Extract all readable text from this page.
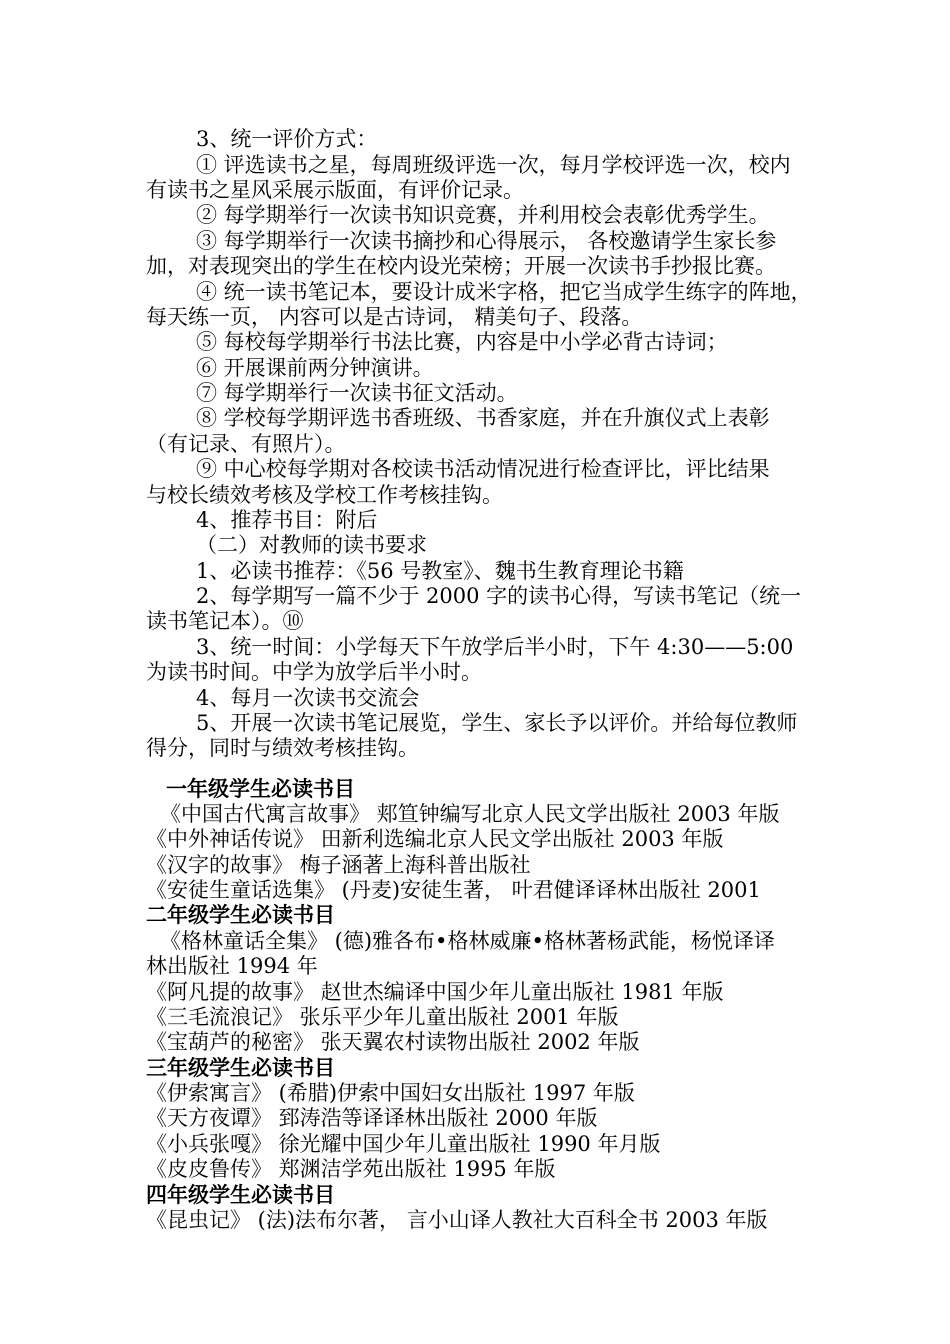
3、统一评价方式：
① 评选读书之星，每周班级评选一次，每月学校评选一次，校内
有读书之星风采展示版面，有评价记录。
② 每学期举行一次读书知识竞赛，并利用校会表彰优秀学生。
③ 每学期举行一次读书摘抄和心得展示， 各校邀请学生家长参
加，对表现突出的学生在校内设光荣榜；开展一次读书手抄报比赛。
④ 统一读书笔记本，要设计成米字格，把它当成学生练字的阵地，
每天练一页， 内容可以是古诗词， 精美句子、段落。
⑤ 每校每学期举行书法比赛，内容是中小学必背古诗词；
⑥ 开展课前两分钟演讲。
⑦ 每学期举行一次读书征文活动。
⑧ 学校每学期评选书香班级、书香家庭，并在升旗仪式上表彰
（有记录、有照片）。
⑨ 中心校每学期对各校读书活动情况进行检查评比，评比结果
与校长绩效考核及学校工作考核挂钩。
4、推荐书目：附后
（二）对教师的读书要求
1、必读书推荐：《56 号教室》、魏书生教育理论书籍
2、每学期写一篇不少于 2000 字的读书心得，写读书笔记（统一
读书笔记本）。⑩
3、统一时间：小学每天下午放学后半小时，下午 4:30——5:00
为读书时间。中学为放学后半小时。
4、每月一次读书交流会
5、开展一次读书笔记展览，学生、家长予以评价。并给每位教师
得分，同时与绩效考核挂钩。
一年级学生必读书目
《中国古代寓言故事》 郏笪钟编写北京人民文学出版社 2003 年版
《中外神话传说》 田新利选编北京人民文学出版社 2003 年版
《汉字的故事》 梅子涵著上海科普出版社
《安徒生童话选集》 (丹麦)安徒生著， 叶君健译译林出版社 2001
二年级学生必读书目
《格林童话全集》 (德)雅各布•格林威廉•格林著杨武能，杨悦译译
林出版社 1994 年
《阿凡提的故事》 赵世杰编译中国少年儿童出版社 1981 年版
《三毛流浪记》 张乐平少年儿童出版社 2001 年版
《宝葫芦的秘密》 张天翼农村读物出版社 2002 年版
三年级学生必读书目
《伊索寓言》 (希腊)伊索中国妇女出版社 1997 年版
《天方夜谭》 郅涛浩等译译林出版社 2000 年版
《小兵张嘎》 徐光耀中国少年儿童出版社 1990 年月版
《皮皮鲁传》 郑渊洁学苑出版社 1995 年版
四年级学生必读书目
《昆虫记》 (法)法布尔著， 言小山译人教社大百科全书 2003 年版
